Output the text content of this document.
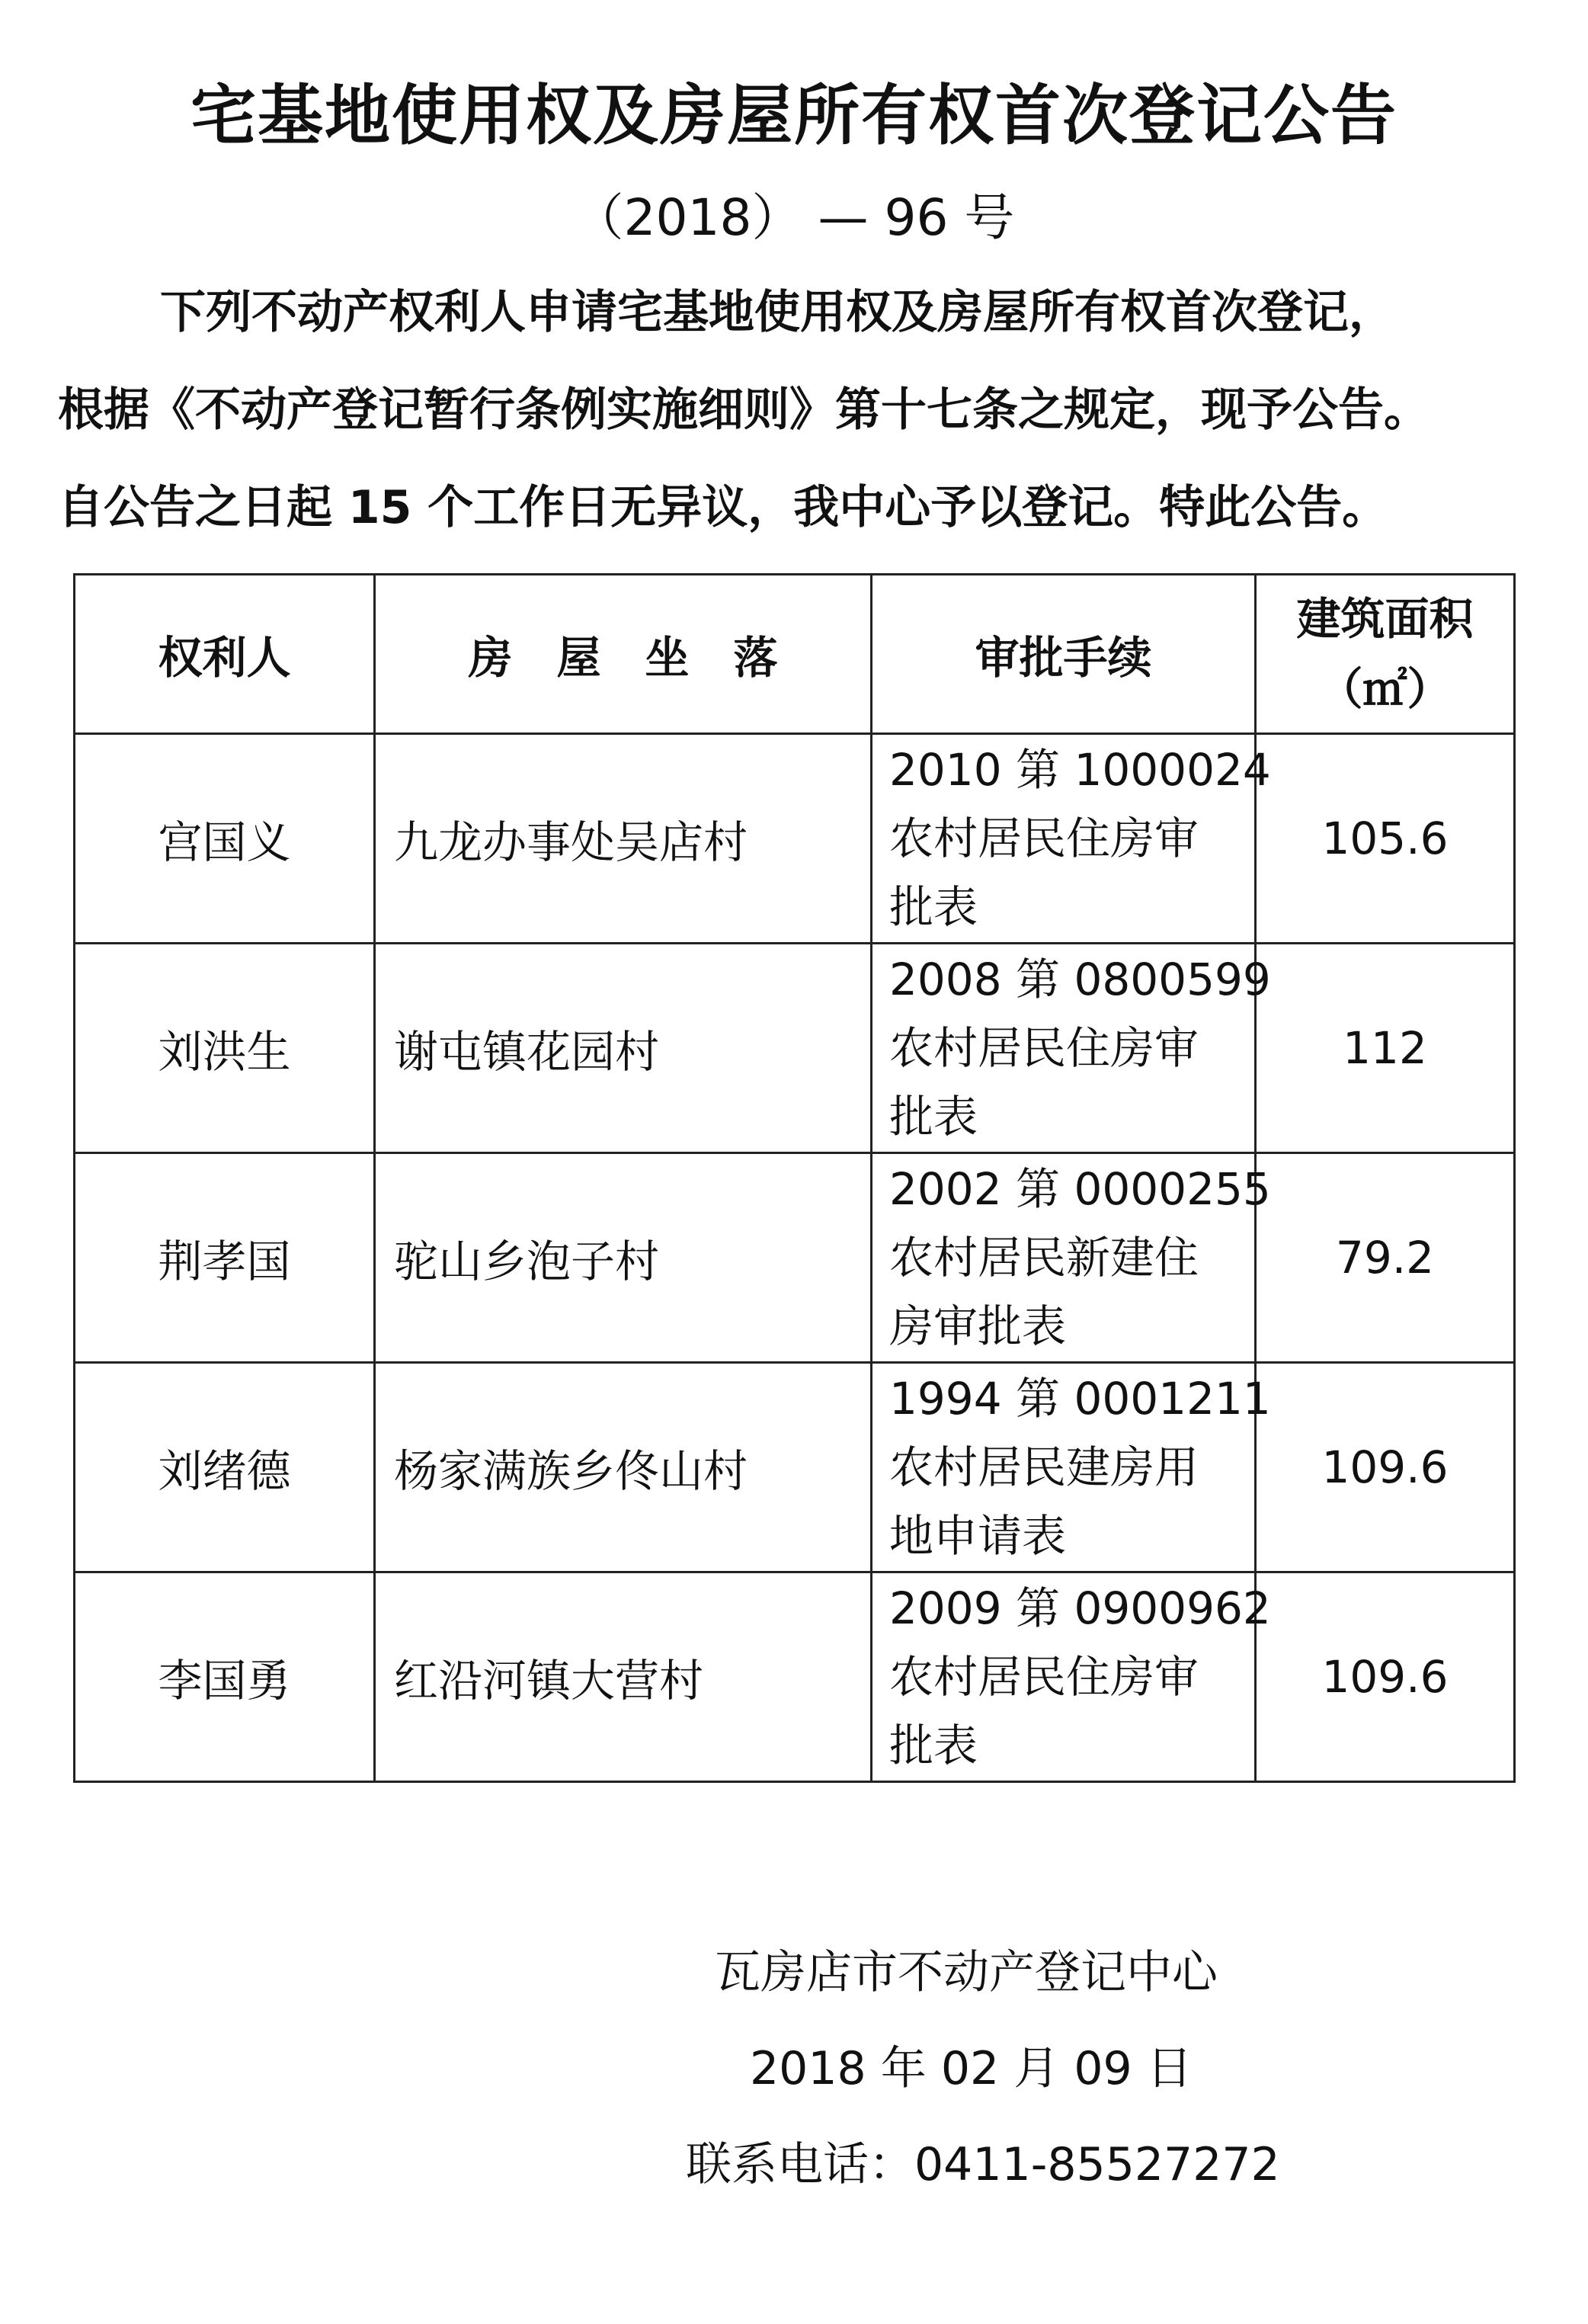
宅基地使用权及房屋所有权首次登记公告
（2018） — 96 号
下列不动产权利人申请宅基地使用权及房屋所有权首次登记，
根据《不动产登记暂行条例实施细则》第十七条之规定，现予公告。
自公告之日起 15 个工作日无异议，我中心予以登记。特此公告。
权利人	房　屋　坐　落	审批手续	建筑面积
（㎡）

宫国义	九龙办事处吴店村	2010 第 1000024
农村居民住房审
批表	105.6
刘洪生	谢屯镇花园村	2008 第 0800599
农村居民住房审
批表	112
荆孝国	驼山乡泡子村	2002 第 0000255
农村居民新建住
房审批表	79.2
刘绪德	杨家满族乡佟山村	1994 第 0001211
农村居民建房用
地申请表	109.6
李国勇	红沿河镇大营村	2009 第 0900962
农村居民住房审
批表	109.6
瓦房店市不动产登记中心
2018 年 02 月 09 日
联系电话：0411-85527272
